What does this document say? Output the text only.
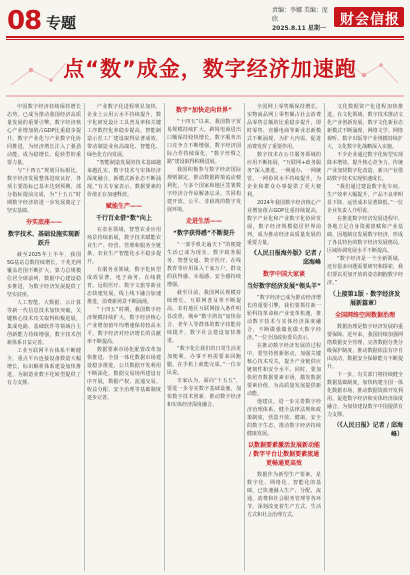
08 专题
责编：李娜 美编：庞欣
2025.8.11 星期一
财会信报
点“数”成金，数字经济加速跑

中国数字经济持续保持增长态势，已成为推动我国经济高质量发展的重要引擎。数字经济核心产业增加值占GDP比重稳步提升，数字产业化与产业数字化协同推进，为经济增长注入了强劲动能，成为稳增长、促转型的重要力量。

与“十四五”规划目标相比，数字经济发展整体进度良好，各项主要指标已基本达到预期，部分指标提前完成，为“十五五”时期数字经济的进一步发展奠定了坚实基础。

夯实底座——
数字技术、基础设施实现新跃升

截至2025年上半年，我国5G基站总数持续增长，千兆光网覆盖范围不断扩大，算力总规模位居全球前列，数据中心建设稳步推进，为数字经济发展提供了坚实底座。

人工智能、大数据、云计算等新一代信息技术加快突破，关键核心技术攻关取得积极进展，集成电路、基础软件等领域自主创新能力持续增强，数字技术创新体系日益完善。

工业互联网平台体系不断健全，重点平台连接设备数量大幅增长，标识解析体系建设加快推进，为制造业数字化转型提供了有力支撑。

产业数字化进程明显加快，企业上云用云水平持续提升，数字化研发设计工具普及率和关键工序数控化率稳步提高，智能制造示范工厂建设取得显著成效，带动制造业向高端化、智能化、绿色化方向发展。

“智能制造发展的技术基础越来越扎实，数字技术与实体经济深度融合，新模式新业态不断涌现。”有关专家表示，数据要素的价值正在加速释放。

赋能生产——
千行百业借“数”向上

在农业领域，智慧农业应用场景持续拓展，数字技术赋能农业生产、经营、管理和服务全链条，农业生产智能化水平稳步提升。

在服务业领域，数字化转型成效显著，电子商务、在线教育、远程医疗、数字文旅等新业态快速发展，线上线下融合加速推进，消费新场景不断涌现。

“十四五”时期，我国数字经济规模持续扩大，数字经济核心产业增加值年均增速保持较高水平，数字经济对经济增长的贡献率不断提高。

数据要素市场化配置改革加快推进，全国一体化数据市场建设稳步推进，公共数据开发利用不断深化，数据交易场所建设有序开展，数据产权、流通交易、收益分配、安全治理等基础制度逐步完善。

数字“加快走向世界”

“十四五”以来，我国数字贸易规模持续扩大，跨境电商进出口额保持较快增长，数字服务出口竞争力不断增强，数字经济国际合作持续深化，“数字丝绸之路”建设取得积极进展。

我国积极参与数字经济国际规则制定，推动数据跨境流动便利化，与多个国家和地区签署数字经济合作谅解备忘录，共同构建开放、公平、非歧视的数字发展环境。

走进生活——
“数字获得感”不断提升

“一部手机走遍天下”的便捷生活已成为现实，数字政务服务、智慧交通、数字医疗、在线教育等应用深入千家万户，群众的获得感、幸福感、安全感持续增强。

截至目前，我国网民规模持续增长，互联网普及率不断提高，农村地区互联网接入条件明显改善，城乡“数字鸿沟”加快弥合，老年人等群体的数字技能持续提升，数字社会建设加快推进。

“数字化让我们的日常生活更加便利，办事不再需要来回跑腿，在手机上就能完成。”一位市民说。

专家认为，面向“十五五”，要进一步夯实数字基础设施，加快数字技术创新，推动数字经济和实体经济深度融合。

全国网上零售额保持增长，实物商品网上零售额占社会消费品零售总额的比重稳步提升，即时零售、直播电商等新业态新模式不断涌现，为扩大内需、促进消费发挥了重要作用。

数字技术在公共服务领域的应用不断拓展，“互联网+政务服务”深入推进，一网通办、一网统管、一网协同水平持续提升，为企业和群众办事提供了更大便利。

2024年我国数字经济核心产业增加值占GDP比重持续提高，数字产业化和产业数字化协同发展，数字经济规模稳居世界前列，成为推动经济高质量发展的重要力量。

《人民日报海外版》记者 / 邱海峰
数字中国大家谈
当好数字经济发展“领头羊”

“数字经济已成为推动经济增长的重要引擎，我们要抓住新一轮科技革命和产业变革机遇，推动数字技术与实体经济深度融合，不断做强做优做大数字经济。”一位全国政协委员表示。

在推动数字经济发展的过程中，要坚持创新驱动，加强关键核心技术攻关，提升产业链供应链韧性和安全水平。同时，要加快培育数据要素市场，激发数据要素价值，为高质量发展提供新动能。

他建议，进一步完善数字经济治理体系，健全法律法规和政策制度，营造开放、健康、安全的数字生态，推动数字经济持续健康发展。

以数据要素激活发展新动能 / 数字平台让数据要素流通更畅通更高效

数据作为新型生产要素，是数字化、网络化、智能化的基础，已快速融入生产、分配、流通、消费和社会服务管理等各环节，深刻改变着生产方式、生活方式和社会治理方式。

文化数据资产化进程加快推进。在文化领域，数字技术推动文化产业创新发展，数字文化新业态新模式不断涌现，网络文学、网络视听、数字出版等产业规模持续扩大，文化数字化战略深入实施。

不少企业通过数字化转型实现降本增效，提升核心竞争力。传统产业加快数字化改造，新兴产业借助数字技术实现快速成长。

“我们通过建设数字化车间，生产效率大幅提升，产品不良率明显下降，运营成本显著降低。”一位企业负责人介绍说。

在推进数字经济发展进程中，各地立足自身资源禀赋和产业基础，因地制宜发展数字经济，形成了各具特色的数字经济发展格局，区域协调发展水平不断提高。

“数字经济是一个全新领域，还有很多问题需要研究和探索，我们要以更加开放的姿态拥抱数字经济。”

（上接第1版 · 数字经济发展新篇章）
全国网络空间数据治理

数据治理是数字经济发展的重要保障。近年来，我国持续加强网络数据安全管理，完善数据分类分级保护制度，推动数据依法有序自由流动，数据安全保障能力不断提升。

下一步，有关部门将持续健全数据基础制度，加快构建全国一体化数据市场，推动数据资源开发利用，促进数字经济和实体经济深度融合，为加快建设数字中国提供有力支撑。

（《人民日报》记者 / 邱海峰）
